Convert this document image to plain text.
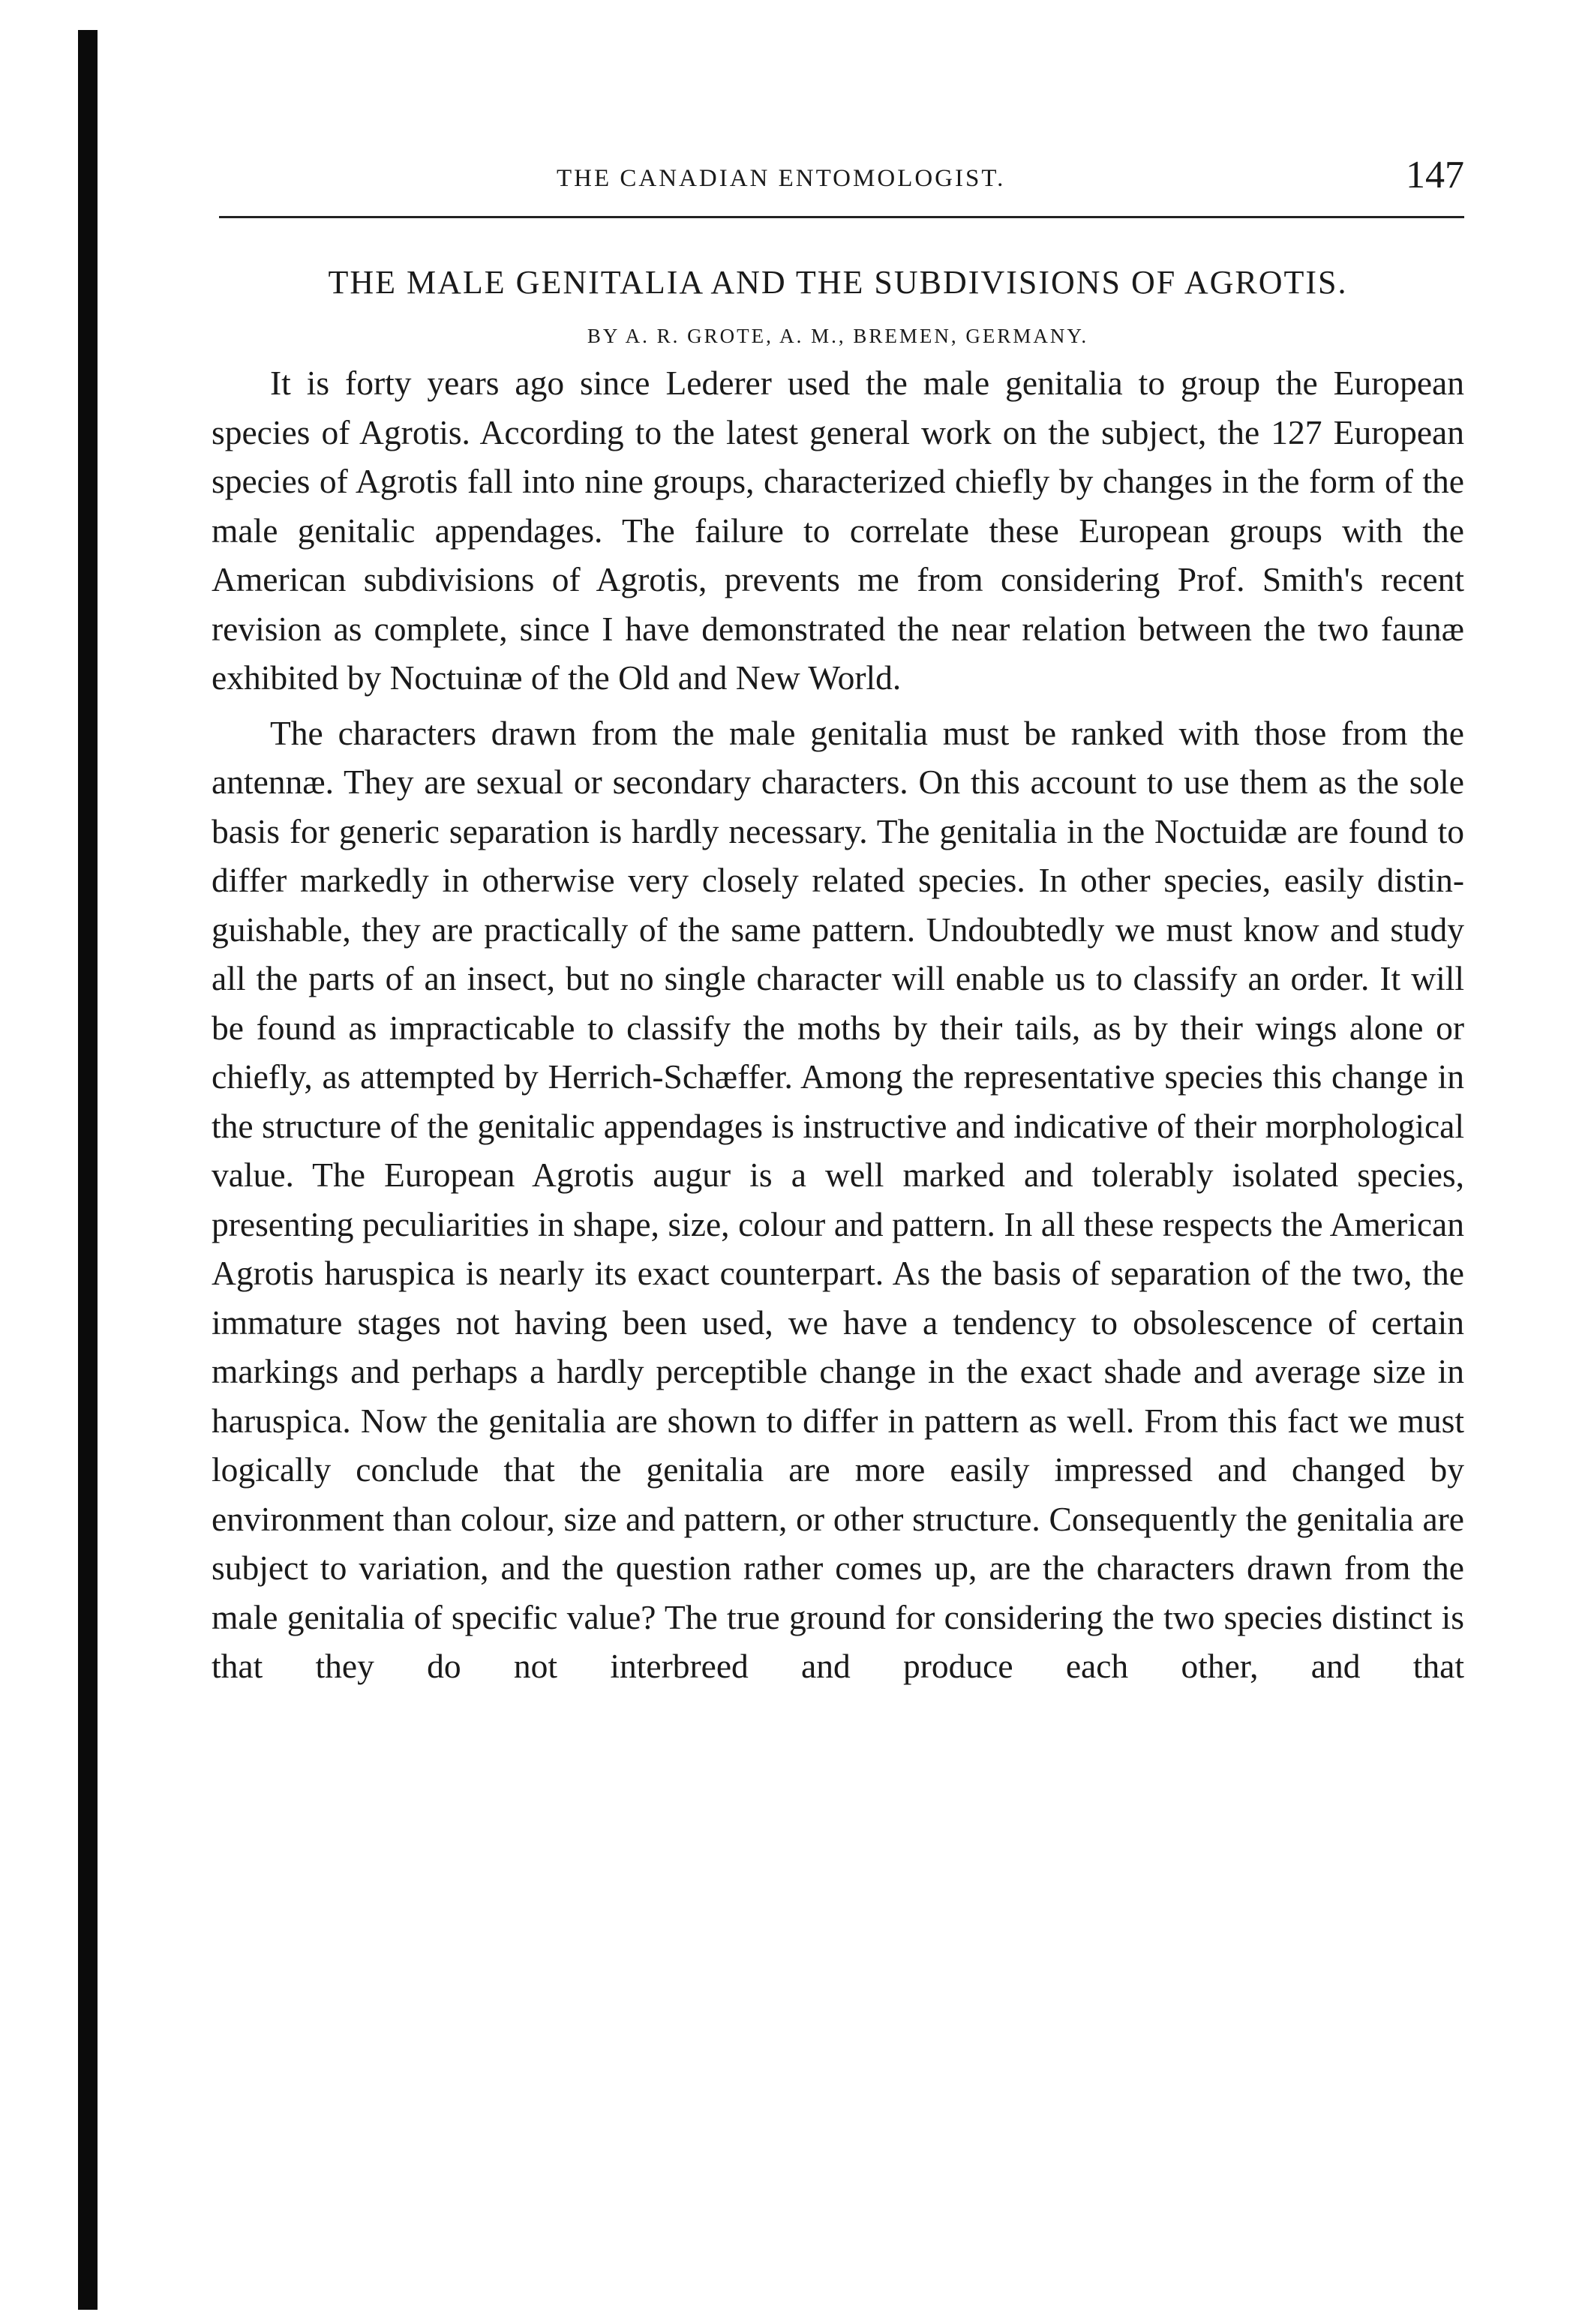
THE CANADIAN ENTOMOLOGIST.	147
THE MALE GENITALIA AND THE SUBDIVISIONS OF AGROTIS.
BY A. R. GROTE, A. M., BREMEN, GERMANY.

It is forty years ago since Lederer used the male genitalia to group the European species of Agrotis. According to the latest general work on the subject, the 127 European species of Agrotis fall into nine groups, characterized chiefly by changes in the form of the male genitalic appendages. The failure to correlate these European groups with the American subdivisions of Agrotis, prevents me from considering Prof. Smith's recent revision as complete, since I have demonstrated the near relation between the two faunæ exhibited by Noctuinæ of the Old and New World.

The characters drawn from the male genitalia must be ranked with those from the antennæ. They are sexual or secondary characters. On this account to use them as the sole basis for generic separation is hardly necessary. The genitalia in the Noctuidæ are found to differ markedly in otherwise very closely related species. In other species, easily distinguishable, they are practically of the same pattern. Undoubtedly we must know and study all the parts of an insect, but no single character will enable us to classify an order. It will be found as impracticable to classify the moths by their tails, as by their wings alone or chiefly, as attempted by Herrich-Schæffer. Among the representative species this change in the structure of the genitalic appendages is instructive and indicative of their morphological value. The European Agrotis augur is a well marked and tolerably isolated species, presenting peculiarities in shape, size, colour and pattern. In all these respects the American Agrotis haruspica is nearly its exact counterpart. As the basis of separation of the two, the immature stages not having been used, we have a tendency to obsolescence of certain markings and perhaps a hardly perceptible change in the exact shade and average size in haruspica. Now the genitalia are shown to differ in pattern as well. From this fact we must logically conclude that the genitalia are more easily impressed and changed by environment than colour, size and pattern, or other structure. Consequently the genitalia are subject to variation, and the question rather comes up, are the characters drawn from the male genitalia of specific value? The true ground for considering the two species distinct is that they do not interbreed and produce each other, and that
